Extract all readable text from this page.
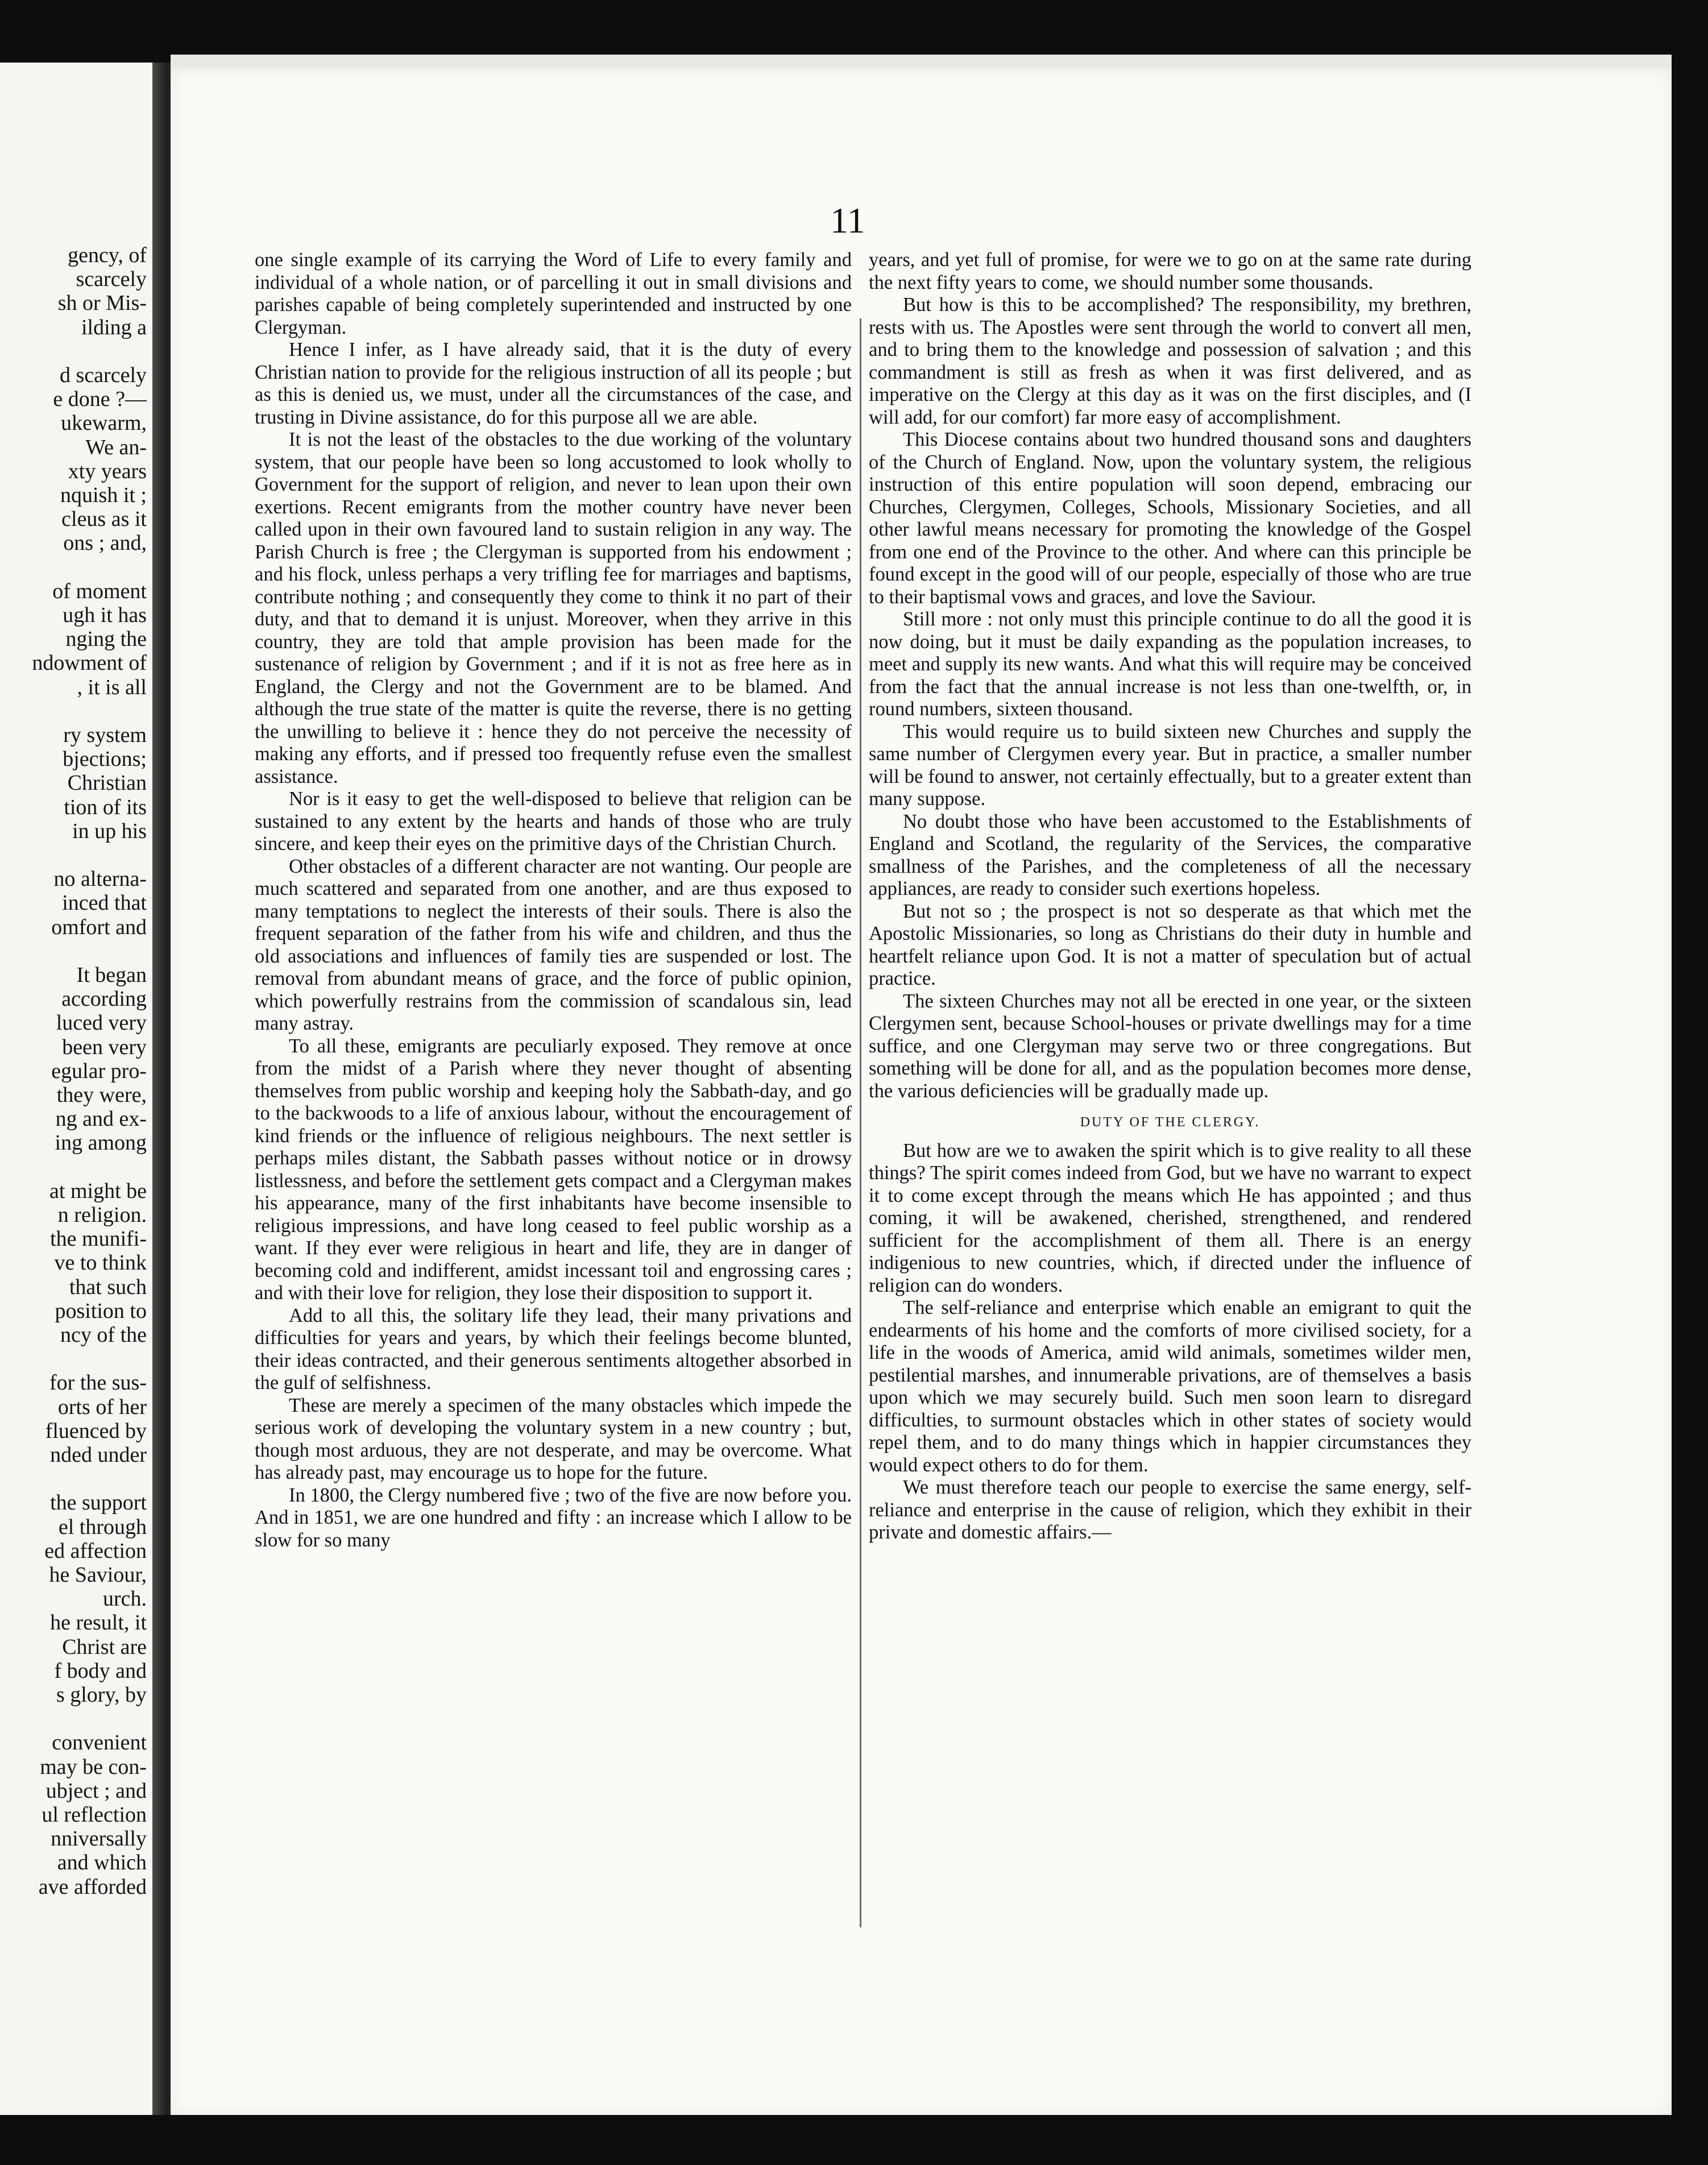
gency, of
scarcely
sh or Mis-
ilding a
d scarcely
e done ?—
ukewarm,
We an-
xty years
nquish it ;
cleus as it
ons ; and,
of moment
ugh it has
nging the
ndowment of
, it is all
ry system
bjections;
Christian
tion of its
in up his
no alterna-
inced that
omfort and
It began
according
luced very
been very
egular pro-
they were,
ng and ex-
ing among
at might be
n religion.
the munifi-
ve to think
that such
position to
ncy of the
for the sus-
orts of her
fluenced by
nded under
the support
el through
ed affection
he Saviour,
urch.
he result, it
Christ are
f body and
s glory, by
convenient
may be con-
ubject ; and
ul reflection
nniversally
and which
ave afforded
11

one single example of its carrying the Word of Life to every family and individual of a whole nation, or of parcelling it out in small divisions and parishes capable of being completely superintended and instructed by one Clergyman.

Hence I infer, as I have already said, that it is the duty of every Christian nation to provide for the religious instruction of all its people ; but as this is denied us, we must, under all the circumstances of the case, and trusting in Divine assistance, do for this purpose all we are able.

It is not the least of the obstacles to the due working of the voluntary system, that our people have been so long accustomed to look wholly to Government for the support of religion, and never to lean upon their own exertions. Recent emigrants from the mother country have never been called upon in their own favoured land to sustain religion in any way. The Parish Church is free ; the Clergyman is supported from his endowment ; and his flock, unless perhaps a very trifling fee for marriages and baptisms, contribute nothing ; and consequently they come to think it no part of their duty, and that to demand it is unjust. Moreover, when they arrive in this country, they are told that ample provision has been made for the sustenance of religion by Government ; and if it is not as free here as in England, the Clergy and not the Government are to be blamed. And although the true state of the matter is quite the reverse, there is no getting the unwilling to believe it : hence they do not perceive the necessity of making any efforts, and if pressed too frequently refuse even the smallest assistance.

Nor is it easy to get the well-disposed to believe that religion can be sustained to any extent by the hearts and hands of those who are truly sincere, and keep their eyes on the primitive days of the Christian Church.

Other obstacles of a different character are not wanting. Our people are much scattered and separated from one another, and are thus exposed to many temptations to neglect the interests of their souls. There is also the frequent separation of the father from his wife and children, and thus the old associations and influences of family ties are suspended or lost. The removal from abundant means of grace, and the force of public opinion, which powerfully restrains from the commission of scandalous sin, lead many astray.

To all these, emigrants are peculiarly exposed. They remove at once from the midst of a Parish where they never thought of absenting themselves from public worship and keeping holy the Sabbath-day, and go to the backwoods to a life of anxious labour, without the encouragement of kind friends or the influence of religious neighbours. The next settler is perhaps miles distant, the Sabbath passes without notice or in drowsy listlessness, and before the settlement gets compact and a Clergyman makes his appearance, many of the first inhabitants have become insensible to religious impressions, and have long ceased to feel public worship as a want. If they ever were religious in heart and life, they are in danger of becoming cold and indifferent, amidst incessant toil and engrossing cares ; and with their love for religion, they lose their disposition to support it.

Add to all this, the solitary life they lead, their many privations and difficulties for years and years, by which their feelings become blunted, their ideas contracted, and their generous sentiments altogether absorbed in the gulf of selfishness.

These are merely a specimen of the many obstacles which impede the serious work of developing the voluntary system in a new country ; but, though most arduous, they are not desperate, and may be overcome. What has already past, may encourage us to hope for the future.

In 1800, the Clergy numbered five ; two of the five are now before you. And in 1851, we are one hundred and fifty : an increase which I allow to be slow for so many

years, and yet full of promise, for were we to go on at the same rate during the next fifty years to come, we should number some thousands.

But how is this to be accomplished? The responsibility, my brethren, rests with us. The Apostles were sent through the world to convert all men, and to bring them to the knowledge and possession of salvation ; and this commandment is still as fresh as when it was first delivered, and as imperative on the Clergy at this day as it was on the first disciples, and (I will add, for our comfort) far more easy of accomplishment.

This Diocese contains about two hundred thousand sons and daughters of the Church of England. Now, upon the voluntary system, the religious instruction of this entire population will soon depend, embracing our Churches, Clergymen, Colleges, Schools, Missionary Societies, and all other lawful means necessary for promoting the knowledge of the Gospel from one end of the Province to the other. And where can this principle be found except in the good will of our people, especially of those who are true to their baptismal vows and graces, and love the Saviour.

Still more : not only must this principle continue to do all the good it is now doing, but it must be daily expanding as the population increases, to meet and supply its new wants. And what this will require may be conceived from the fact that the annual increase is not less than one-twelfth, or, in round numbers, sixteen thousand.

This would require us to build sixteen new Churches and supply the same number of Clergymen every year. But in practice, a smaller number will be found to answer, not certainly effectually, but to a greater extent than many suppose.

No doubt those who have been accustomed to the Establishments of England and Scotland, the regularity of the Services, the comparative smallness of the Parishes, and the completeness of all the necessary appliances, are ready to consider such exertions hopeless.

But not so ; the prospect is not so desperate as that which met the Apostolic Missionaries, so long as Christians do their duty in humble and heartfelt reliance upon God. It is not a matter of speculation but of actual practice.

The sixteen Churches may not all be erected in one year, or the sixteen Clergymen sent, because School-houses or private dwellings may for a time suffice, and one Clergyman may serve two or three congregations. But something will be done for all, and as the population becomes more dense, the various deficiencies will be gradually made up.

DUTY OF THE CLERGY.

But how are we to awaken the spirit which is to give reality to all these things? The spirit comes indeed from God, but we have no warrant to expect it to come except through the means which He has appointed ; and thus coming, it will be awakened, cherished, strengthened, and rendered sufficient for the accomplishment of them all. There is an energy indigenious to new countries, which, if directed under the influence of religion can do wonders.

The self-reliance and enterprise which enable an emigrant to quit the endearments of his home and the comforts of more civilised society, for a life in the woods of America, amid wild animals, sometimes wilder men, pestilential marshes, and innumerable privations, are of themselves a basis upon which we may securely build. Such men soon learn to disregard difficulties, to surmount obstacles which in other states of society would repel them, and to do many things which in happier circumstances they would expect others to do for them.

We must therefore teach our people to exercise the same energy, self-reliance and enterprise in the cause of religion, which they exhibit in their private and domestic affairs.—
